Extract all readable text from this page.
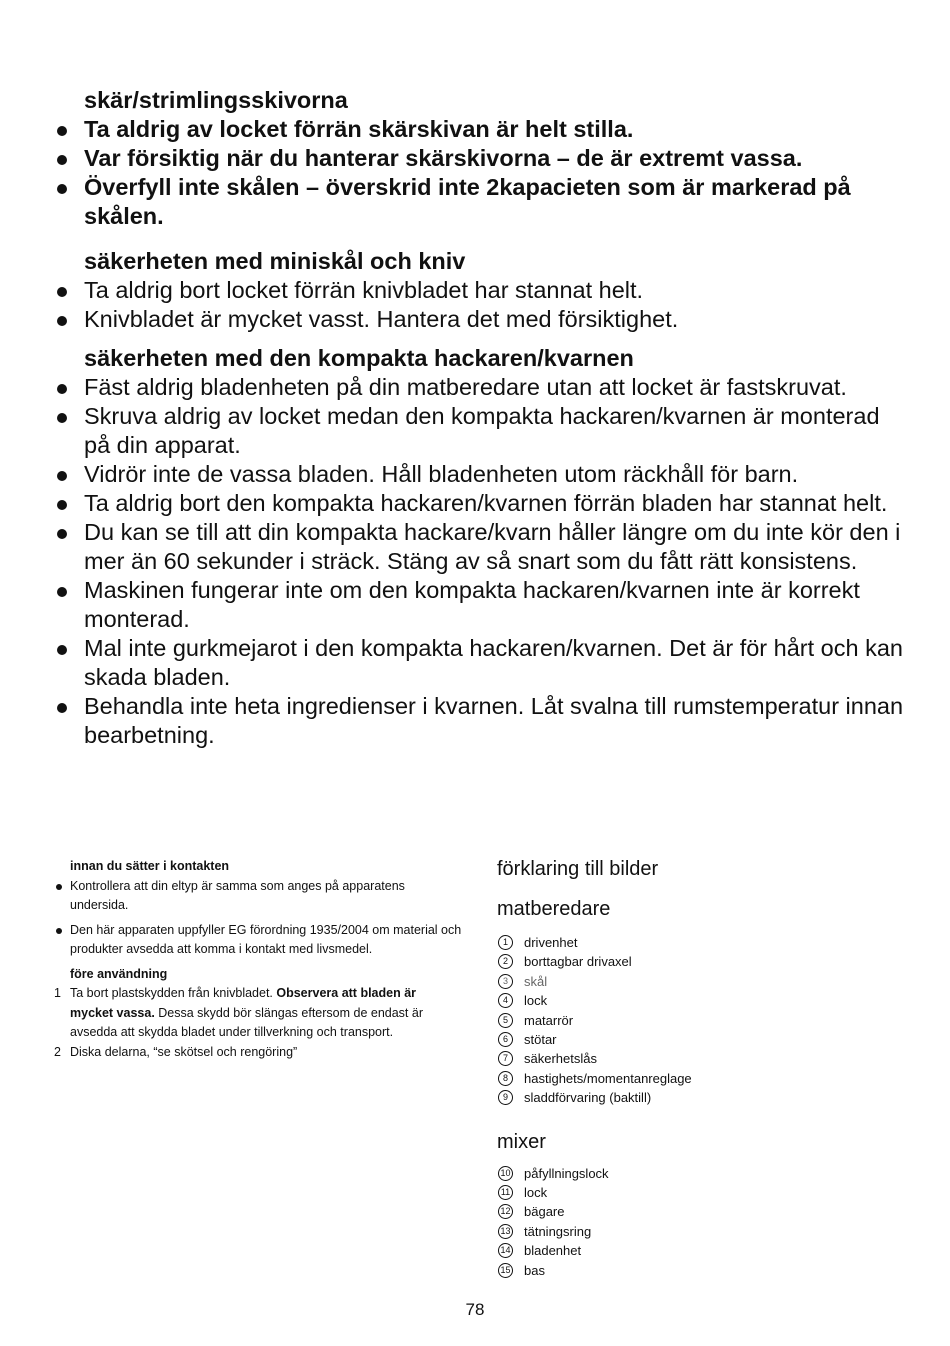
skär/strimlingsskivorna

Ta aldrig av locket förrän skärskivan är helt stilla.
Var försiktig när du hanterar skärskivorna – de är extremt vassa.
Överfyll inte skålen – överskrid inte 2kapacieten som är markerad på skålen.

säkerheten med miniskål och kniv

Ta aldrig bort locket förrän knivbladet har stannat helt.
Knivbladet är mycket vasst. Hantera det med försiktighet.

säkerheten med den kompakta hackaren/kvarnen

Fäst aldrig bladenheten på din matberedare utan att locket är fastskruvat.
Skruva aldrig av locket medan den kompakta hackaren/kvarnen är monterad på din apparat.
Vidrör inte de vassa bladen. Håll bladenheten utom räckhåll för barn.
Ta aldrig bort den kompakta hackaren/kvarnen förrän bladen har stannat helt.
Du kan se till att din kompakta hackare/kvarn håller längre om du inte kör den i mer än 60 sekunder i sträck. Stäng av så snart som du fått rätt konsistens.
Maskinen fungerar inte om den kompakta hackaren/kvarnen inte är korrekt monterad.
Mal inte gurkmejarot i den kompakta hackaren/kvarnen. Det är för hårt och kan skada bladen.
Behandla inte heta ingredienser i kvarnen. Låt svalna till rumstemperatur innan bearbetning.

innan du sätter i kontakten

Kontrollera att din eltyp är samma som anges på apparatens undersida.
Den här apparaten uppfyller EG förordning 1935/2004 om material och produkter avsedda att komma i kontakt med livsmedel.

före användning

1 Ta bort plastskydden från knivbladet. Observera att bladen är mycket vassa. Dessa skydd bör slängas eftersom de endast är avsedda att skydda bladet under tillverkning och transport.
2 Diska delarna, “se skötsel och rengöring”

förklaring till bilder

matberedare

1	drivenhet
2	borttagbar drivaxel
3	skål
4	lock
5	matarrör
6	stötar
7	säkerhetslås
8	hastighets/momentanreglage
9	sladdförvaring (baktill)

mixer

10 påfyllningslock
11 lock
12 bägare
13 tätningsring
14 bladenhet
15 bas
78
